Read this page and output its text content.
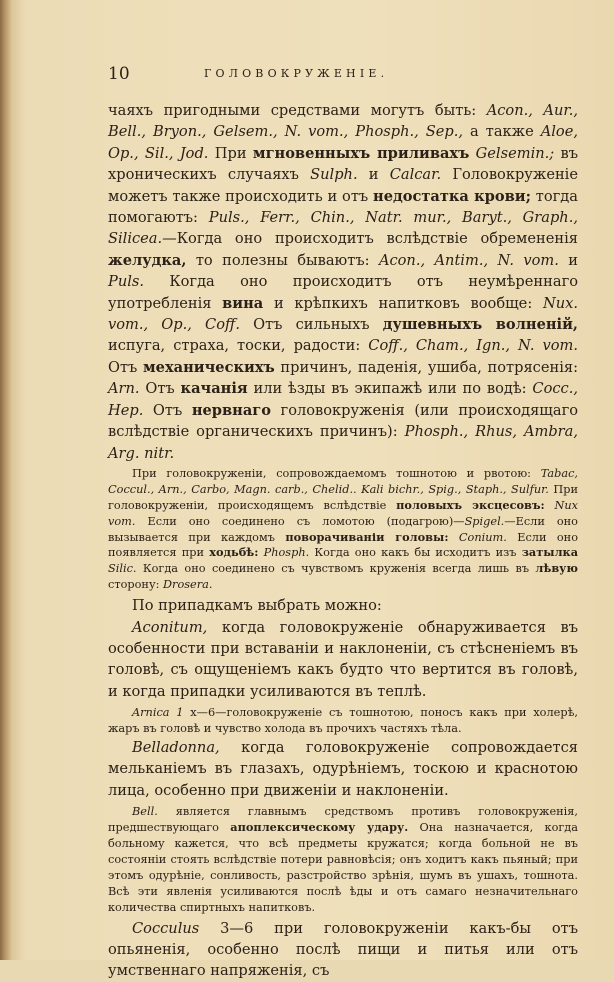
10	ГОЛОВОКРУЖЕНІЕ.

чаяхъ пригодными средствами могутъ быть: Acon., Aur., Bell., Bryon., Gelsem., N. vom., Phosph., Sep., а также Aloe, Op., Sil., Jod. При мгновенныхъ приливахъ Gelsemin.; въ хроническихъ случаяхъ Sulph. и Calcar. Головокруженіе можетъ также происходить и отъ недостатка крови; тогда помогаютъ: Puls., Ferr., Chin., Natr. mur., Baryt., Graph., Silicea.—Когда оно происходитъ вслѣдствіе обремененія желудка, то полезны бываютъ: Acon., Antim., N. vom. и Puls. Когда оно происходитъ отъ неумѣреннаго употребленія вина и крѣпкихъ напитковъ вообще: Nux. vom., Op., Coff. Отъ сильныхъ душевныхъ волненій, испуга, страха, тоски, радости: Coff., Cham., Ign., N. vom. Отъ механическихъ причинъ, паденія, ушиба, потрясенія: Arn. Отъ качанія или ѣзды въ экипажѣ или по водѣ: Cocc., Hep. Отъ нервнаго головокруженія (или происходящаго вслѣдствіе органическихъ причинъ): Phosph., Rhus, Ambra, Arg. nitr.

При головокруженіи, сопровождаемомъ тошнотою и рвотою: Tabac, Coccul., Arn., Carbo, Magn. carb., Chelid.. Kali bichr., Spig., Staph., Sulfur. При головокруженіи, происходящемъ вслѣдствіе половыхъ эксцесовъ: Nux vom. Если оно соединено съ ломотою (подагрою)—Spigel.—Если оно вызывается при каждомъ поворачиваніи головы: Conium. Если оно появляется при ходьбѣ: Phosph. Когда оно какъ бы исходитъ изъ затылка Silic. Когда оно соединено съ чувствомъ круженія всегда лишь въ лѣвую сторону: Drosera.

По припадкамъ выбрать можно:

Aconitum, когда головокруженіе обнаруживается въ особенности при вставаніи и наклоненіи, съ стѣсненіемъ въ головѣ, съ ощущеніемъ какъ будто что вертится въ головѣ, и когда припадки усиливаются въ теплѣ.

Arnica 1 x—6—головокруженіе съ тошнотою, поносъ какъ при холерѣ, жаръ въ головѣ и чувство холода въ прочихъ частяхъ тѣла.

Belladonna, когда головокруженіе сопровождается мельканіемъ въ глазахъ, одурѣніемъ, тоскою и краснотою лица, особенно при движеніи и наклоненіи.

Bell. является главнымъ средствомъ противъ головокруженія, предшествующаго апоплексическому удару. Она назначается, когда больному кажется, что всѣ предметы кружатся; когда больной не въ состояніи стоять вслѣдствіе потери равновѣсія; онъ ходитъ какъ пьяный; при этомъ одурѣніе, сонливость, разстройство зрѣнія, шумъ въ ушахъ, тошнота. Всѣ эти явленія усиливаются послѣ ѣды и отъ самаго незначительнаго количества спиртныхъ напитковъ.

Cocculus 3—6 при головокруженіи какъ-бы отъ опьяненія, особенно послѣ пищи и питья или отъ умственнаго напряженія, съ
